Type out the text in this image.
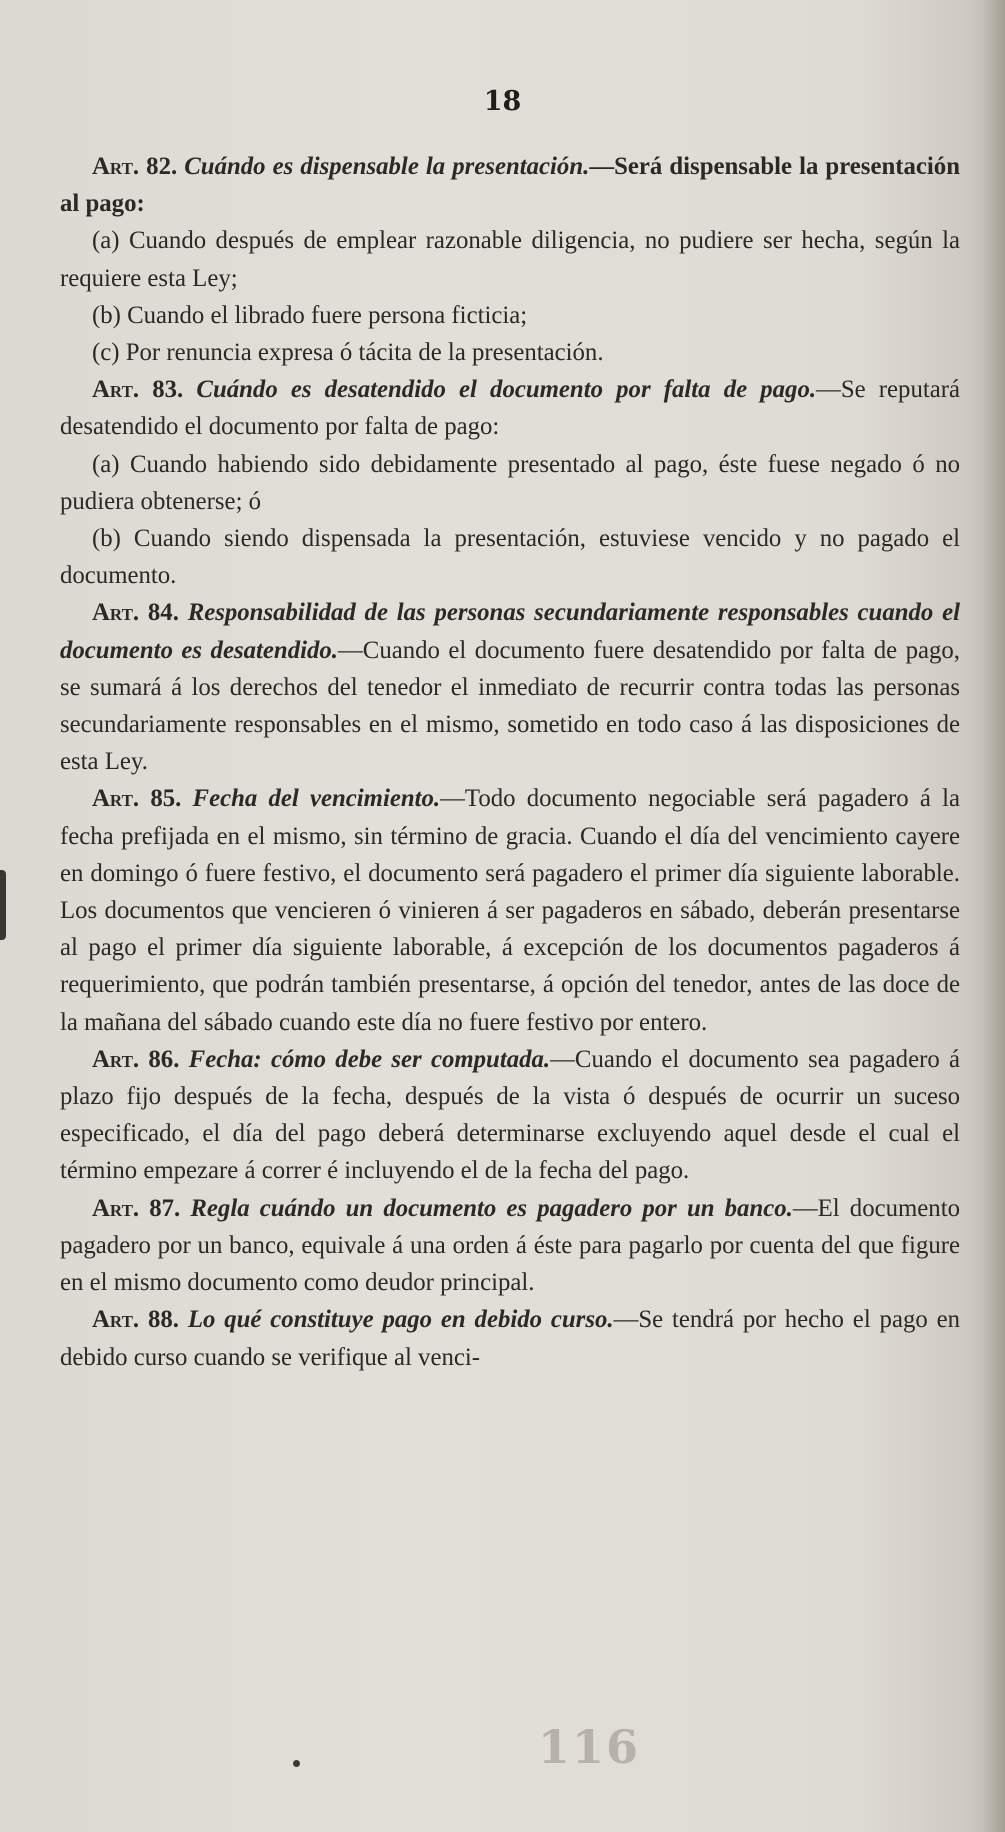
18

Art. 82. Cuándo es dispensable la presentación.—Será dispensable la presentación al pago:

(a) Cuando después de emplear razonable diligencia, no pudiere ser hecha, según la requiere esta Ley;

(b) Cuando el librado fuere persona ficticia;

(c) Por renuncia expresa ó tácita de la presentación.

Art. 83. Cuándo es desatendido el documento por falta de pago.—Se reputará desatendido el documento por falta de pago:

(a) Cuando habiendo sido debidamente presentado al pago, éste fuese negado ó no pudiera obtenerse; ó

(b) Cuando siendo dispensada la presentación, estuviese vencido y no pagado el documento.

Art. 84. Responsabilidad de las personas secundariamente responsables cuando el documento es desatendido.—Cuando el documento fuere desatendido por falta de pago, se sumará á los derechos del tenedor el inmediato de recurrir contra todas las personas secundariamente responsables en el mismo, sometido en todo caso á las disposiciones de esta Ley.

Art. 85. Fecha del vencimiento.—Todo documento negociable será pagadero á la fecha prefijada en el mismo, sin término de gracia. Cuando el día del vencimiento cayere en domingo ó fuere festivo, el documento será pagadero el primer día siguiente laborable. Los documentos que vencieren ó vinieren á ser pagaderos en sábado, deberán presentarse al pago el primer día siguiente laborable, á excepción de los documentos pagaderos á requerimiento, que podrán también presentarse, á opción del tenedor, antes de las doce de la mañana del sábado cuando este día no fuere festivo por entero.

Art. 86. Fecha: cómo debe ser computada.—Cuando el documento sea pagadero á plazo fijo después de la fecha, después de la vista ó después de ocurrir un suceso especificado, el día del pago deberá determinarse excluyendo aquel desde el cual el término empezare á correr é incluyendo el de la fecha del pago.

Art. 87. Regla cuándo un documento es pagadero por un banco.—El documento pagadero por un banco, equivale á una orden á éste para pagarlo por cuenta del que figure en el mismo documento como deudor principal.

Art. 88. Lo qué constituye pago en debido curso.—Se tendrá por hecho el pago en debido curso cuando se verifique al venci-

116
